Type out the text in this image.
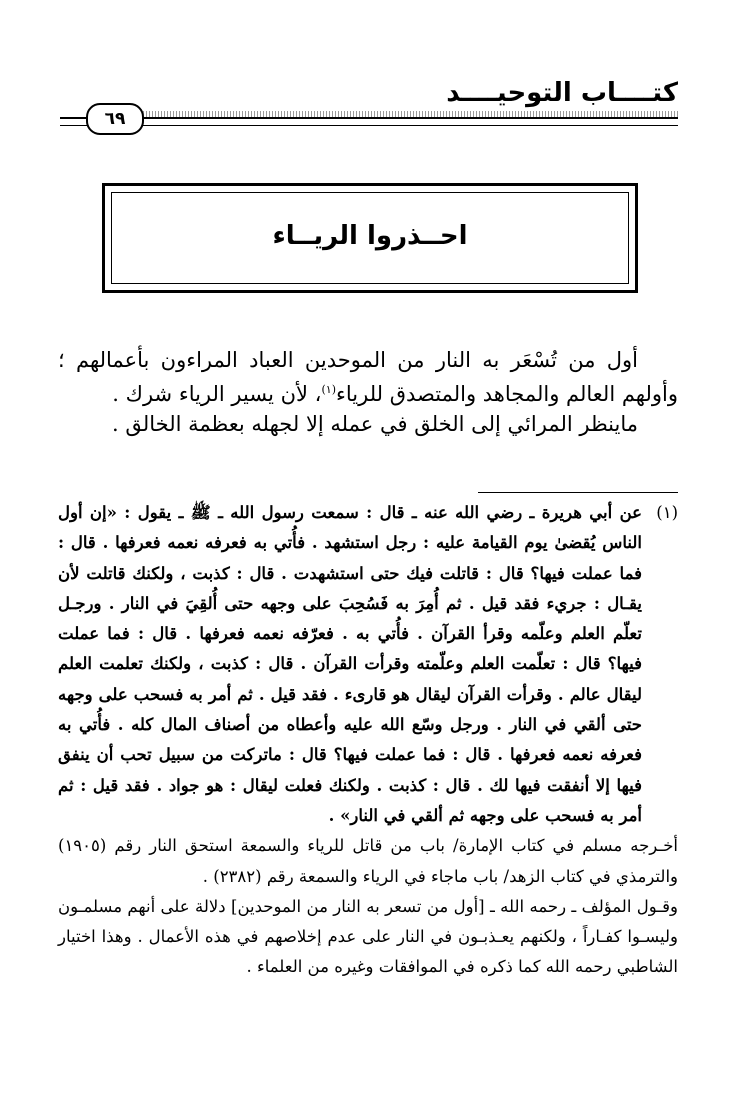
كتــــاب التوحيــــد
٦٩
احــذروا الريــاء

أول من تُسْعَر به النار من الموحدين العباد المراءون بأعمالهم ؛ وأولهم العالم والمجاهد والمتصدق للرياء$^{(١)}$، لأن يسير الرياء شرك .

ماينظر المرائي إلى الخلق في عمله إلا لجهله بعظمة الخالق .

(١)
عن أبي هريرة ـ رضي الله عنه ـ قال : سمعت رسول الله ـ ﷺ ـ يقول : «إن أول الناس يُقضىٰ يوم القيامة عليه : رجل استشهد . فأُتي به فعرفه نعمه فعرفها . قال : فما عملت فيها؟ قال : قاتلت فيك حتى استشهدت . قال : كذبت ، ولكنك قاتلت لأن يقـال : جريء فقد قيل . ثم أُمِرَ به فَسُحِبَ على وجهه حتى أُلقِيَ في النار . ورجـل تعلّم العلم وعلّمه وقرأ القرآن . فأُتي به . فعرّفه نعمه فعرفها . قال : فما عملت فيها؟ قال : تعلّمت العلم وعلّمته وقرأت القرآن . قال : كذبت ، ولكنك تعلمت العلم ليقال عالم . وقرأت القرآن ليقال هو قارىء . فقد قيل . ثم أمر به فسحب على وجهه حتى ألقي في النار . ورجل وسّع الله عليه وأعطاه من أصناف المال كله . فأُتي به فعرفه نعمه فعرفها . قال : فما عملت فيها؟ قال : ماتركت من سبيل تحب أن ينفق فيها إلا أنفقت فيها لك . قال : كذبت . ولكنك فعلت ليقال : هو جواد . فقد قيل : ثم أمر به فسحب على وجهه ثم ألقي في النار» .

أخـرجه مسلم في كتاب الإمارة/ باب من قاتل للرياء والسمعة استحق النار رقم (١٩٠٥) والترمذي في كتاب الزهد/ باب ماجاء في الرياء والسمعة رقم (٢٣٨٢) .

وقـول المؤلف ـ رحمه الله ـ [أول من تسعر به النار من الموحدين] دلالة على أنهم مسلمـون وليسـوا كفـاراً ، ولكنهم يعـذبـون في النار على عدم إخلاصهم في هذه الأعمال . وهذا اختيار الشاطبي رحمه الله كما ذكره في الموافقات وغيره من العلماء .
